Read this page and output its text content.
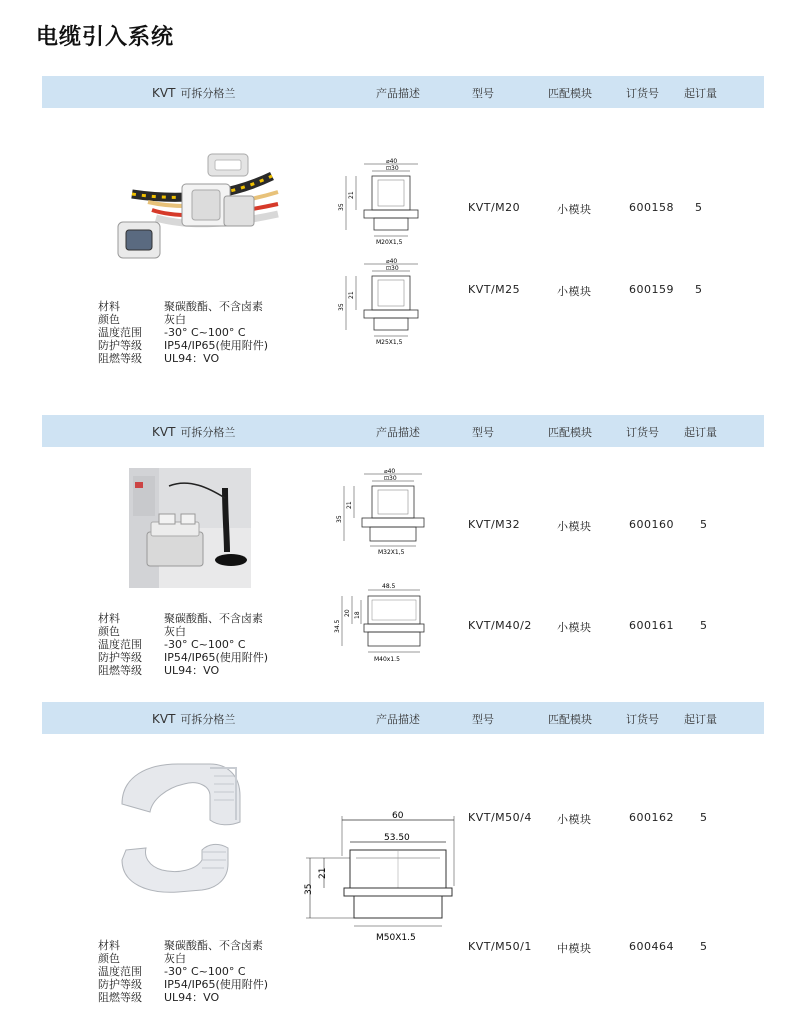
电缆引入系统
KVT 可拆分格兰	产品描述	型号	匹配模块	订货号 起订量
材料	聚碳酸酯、不含卤素
颜色	灰白
温度范围	-30° C~100° C
防护等级	IP54/IP65(使用附件)
阻燃等级	UL94：VO
⌀40
⊡30
35
21
M20X1,5
KVT/M20	小模块	600158 5
⌀40
⊡30
35
21
M25X1,5
KVT/M25	小模块	600159 5
KVT 可拆分格兰	产品描述	型号	匹配模块	订货号 起订量
材料	聚碳酸酯、不含卤素
颜色	灰白
温度范围	-30° C~100° C
防护等级	IP54/IP65(使用附件)
阻燃等级	UL94：VO
⌀40
⊡30
35
21
M32X1,5
KVT/M32	小模块	600160 5
48.5
34.5
20 18
M40x1.5
KVT/M40/2 小模块	600161 5
KVT 可拆分格兰	产品描述	型号	匹配模块	订货号 起订量
材料	聚碳酸酯、不含卤素
颜色	灰白
温度范围	-30° C~100° C
防护等级	IP54/IP65(使用附件)
阻燃等级	UL94：VO
60
53.50
35
21
M50X1.5
KVT/M50/4 小模块	600162 5
KVT/M50/1 中模块	600464 5
